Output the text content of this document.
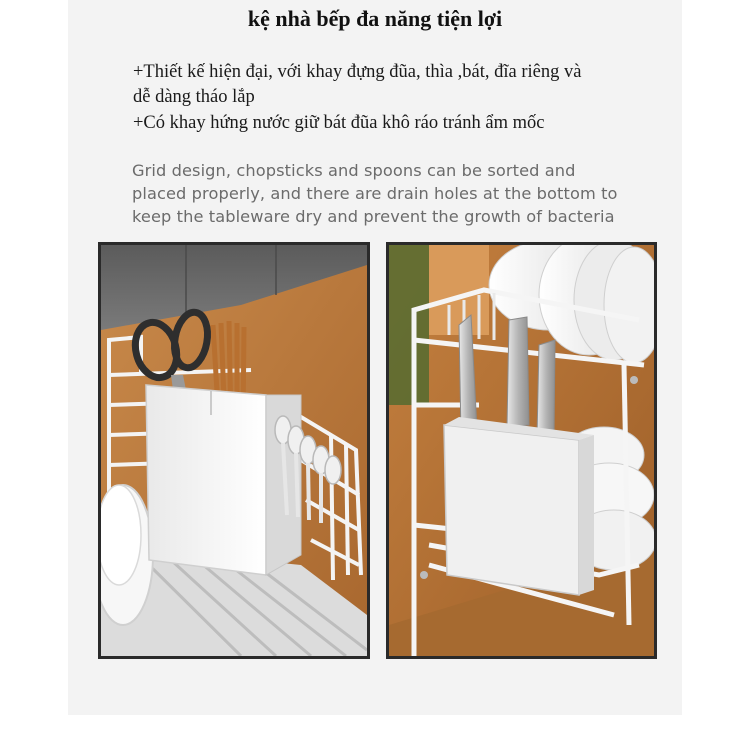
kệ nhà bếp đa năng tiện lợi
+Thiết kế hiện đại, với khay đựng đũa, thìa ,bát, đĩa riêng và
dễ dàng tháo lắp
+Có khay hứng nước giữ bát đũa khô ráo tránh ẩm mốc
Grid design, chopsticks and spoons can be sorted and
placed properly, and there are drain holes at the bottom to
keep the tableware dry and prevent the growth of bacteria
